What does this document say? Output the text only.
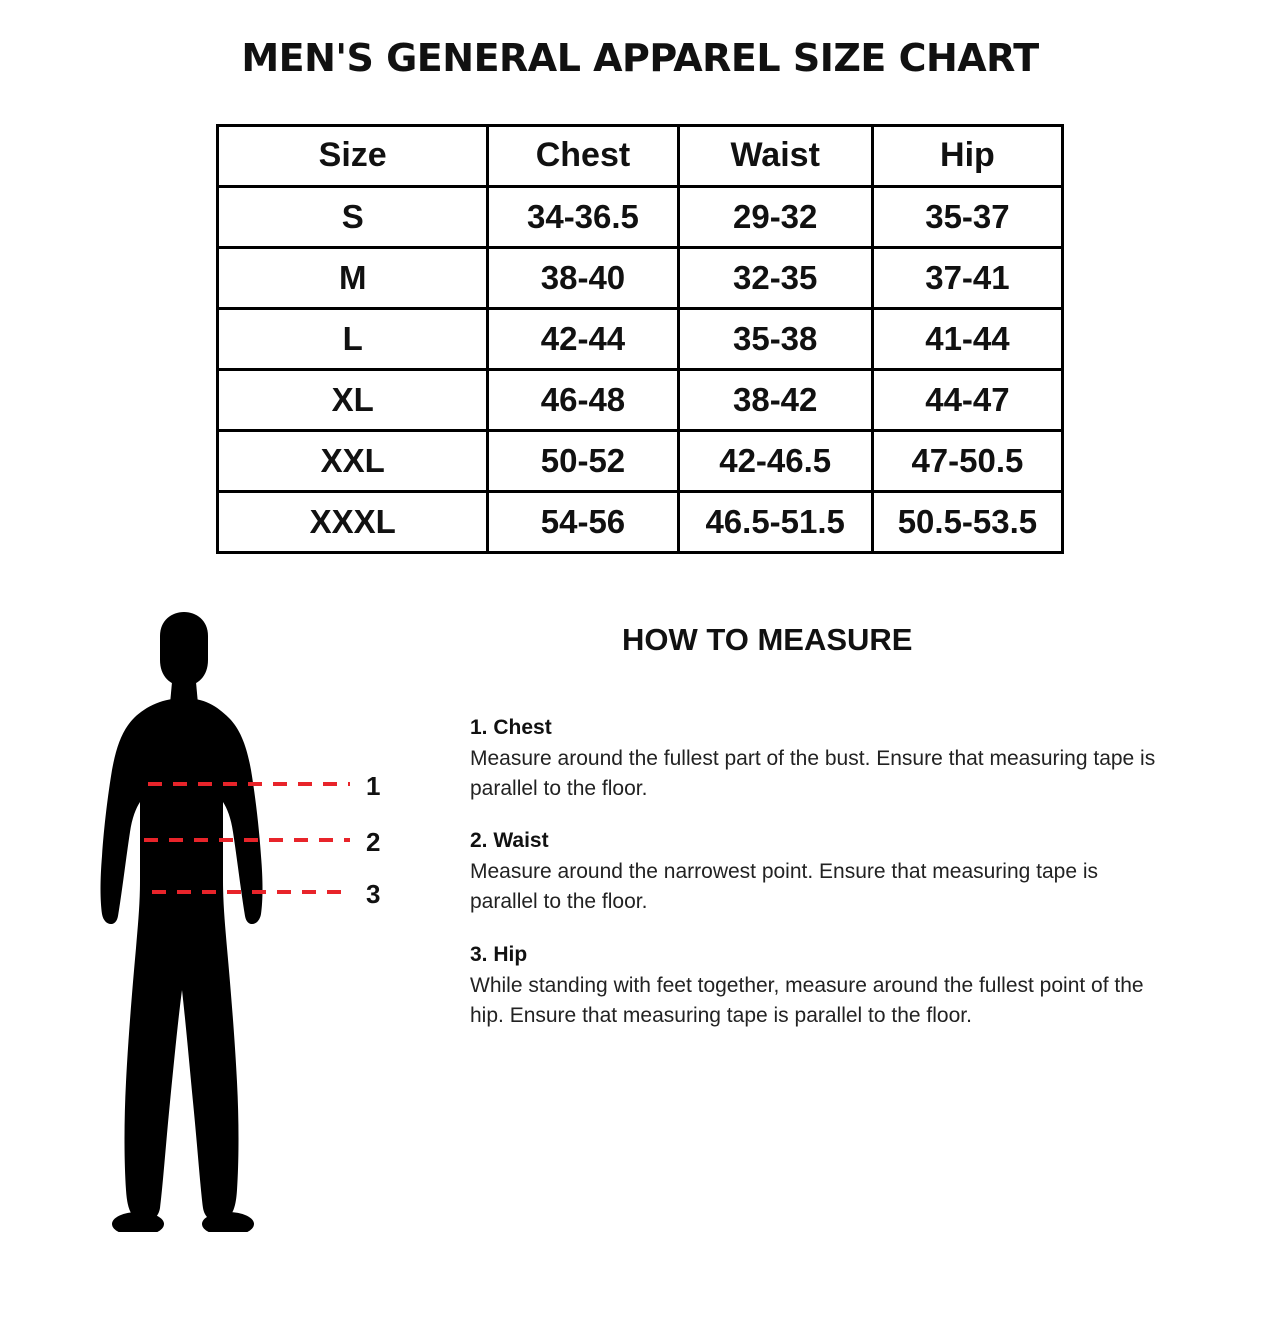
MEN'S GENERAL APPAREL SIZE CHART
Size	Chest	Waist	Hip
S	34-36.5	29-32	35-37
M	38-40	32-35	37-41
L	42-44	35-38	41-44
XL	46-48	38-42	44-47
XXL	50-52	42-46.5	47-50.5
XXXL	54-56	46.5-51.5	50.5-53.5
1
2
3
HOW TO MEASURE

1. Chest

Measure around the fullest part of the bust. Ensure that measuring tape is parallel to the floor.

2. Waist

Measure around the narrowest point. Ensure that measuring tape is parallel to the floor.

3. Hip

While standing with feet together, measure around the fullest point of the hip. Ensure that measuring tape is parallel to the floor.
